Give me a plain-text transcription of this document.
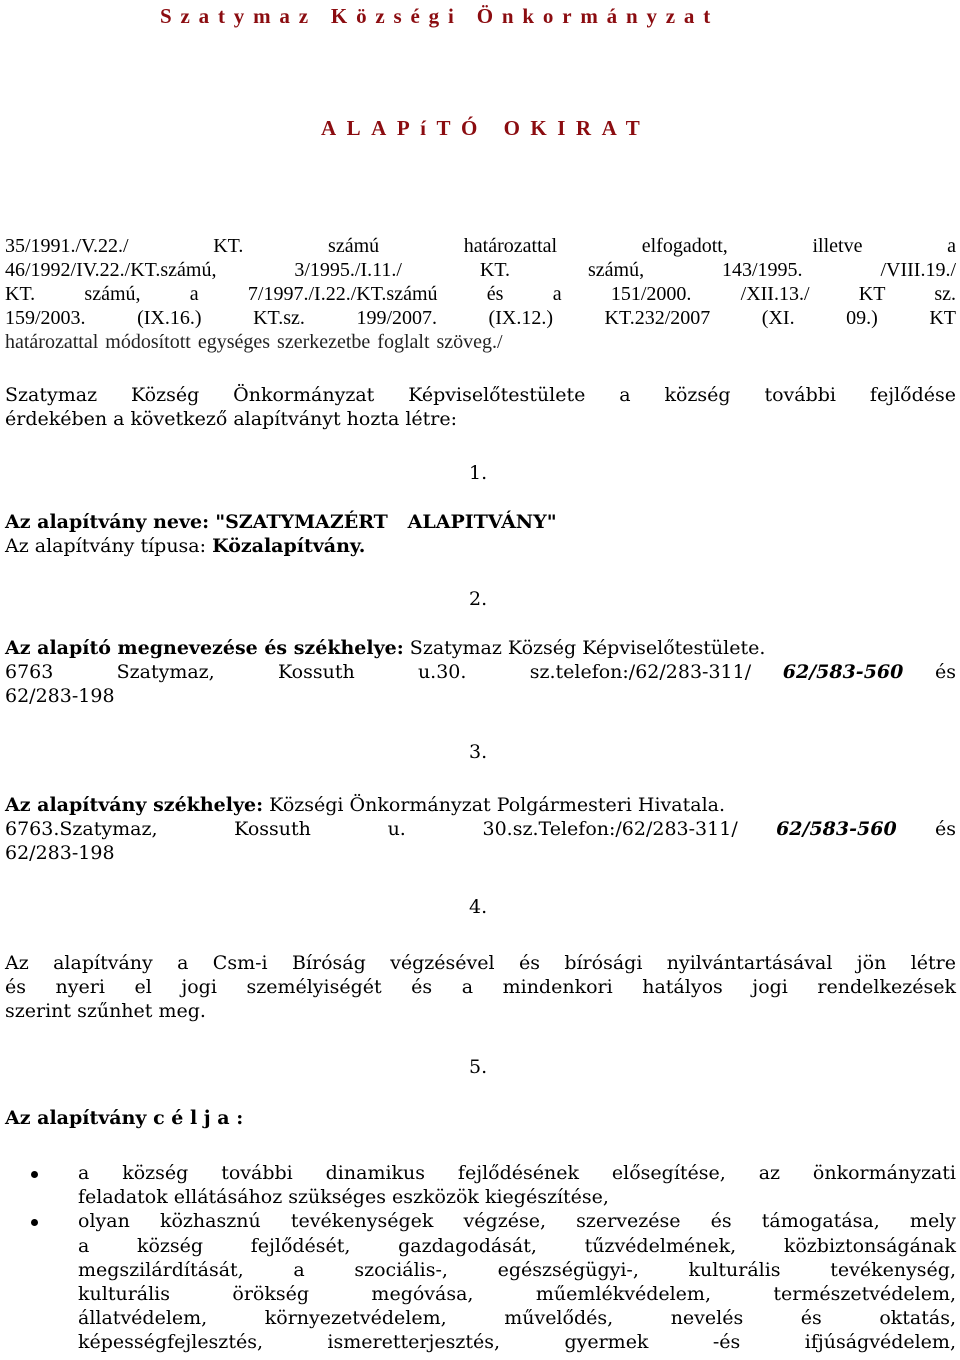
Szatymaz Községi Önkormányzat
ALAPíTÓ OKIRAT
35/1991./V.22./ KT. számú határozattal elfogadott, illetve a
46/1992/IV.22./KT.számú, 3/1995./I.11./ KT. számú, 143/1995. /VIII.19./
KT. számú, a 7/1997./I.22./KT.számú és a 151/2000. /XII.13./ KT sz.
159/2003. (IX.16.) KT.sz. 199/2007. (IX.12.) KT.232/2007 (XI. 09.) KT
határozattal módosított egységes szerkezetbe foglalt szöveg./
Szatymaz Község Önkormányzat Képviselőtestülete a község további fejlődése
érdekében a következő alapítványt hozta létre:
1.
Az alapítvány neve: "SZATYMAZÉRT   ALAPITVÁNY"
Az alapítvány típusa: Közalapítvány.
2.
Az alapító megnevezése és székhelye: Szatymaz Község Képviselőtestülete.
6763  Szatymaz,  Kossuth  u.30.  sz.telefon:/62/283-311/ 62/583-560 és
62/283-198
3.
Az alapítvány székhelye: Községi Önkormányzat Polgármesteri Hivatala.
6763.Szatymaz,  Kossuth  u.  30.sz.Telefon:/62/283-311/ 62/583-560 és
62/283-198
4.
Az alapítvány a Csm-i Bíróság végzésével és bírósági nyilvántartásával jön létre
és nyeri el jogi személyiségét és a mindenkori hatályos jogi rendelkezések
szerint szűnhet meg.
5.
Az alapítvány c é l j a :
a község további dinamikus fejlődésének elősegítése, az önkormányzati
feladatok ellátásához szükséges eszközök kiegészítése,
olyan közhasznú tevékenységek végzése, szervezése és támogatása, mely
a község fejlődését, gazdagodását, tűzvédelmének, közbiztonságának
megszilárdítását, a szociális-, egészségügyi-, kulturális tevékenység,
kulturális örökség megóvása, műemlékvédelem, természetvédelem,
állatvédelem, környezetvédelem, művelődés, nevelés és oktatás,
képességfejlesztés, ismeretterjesztés, gyermek -és ifjúságvédelem,
